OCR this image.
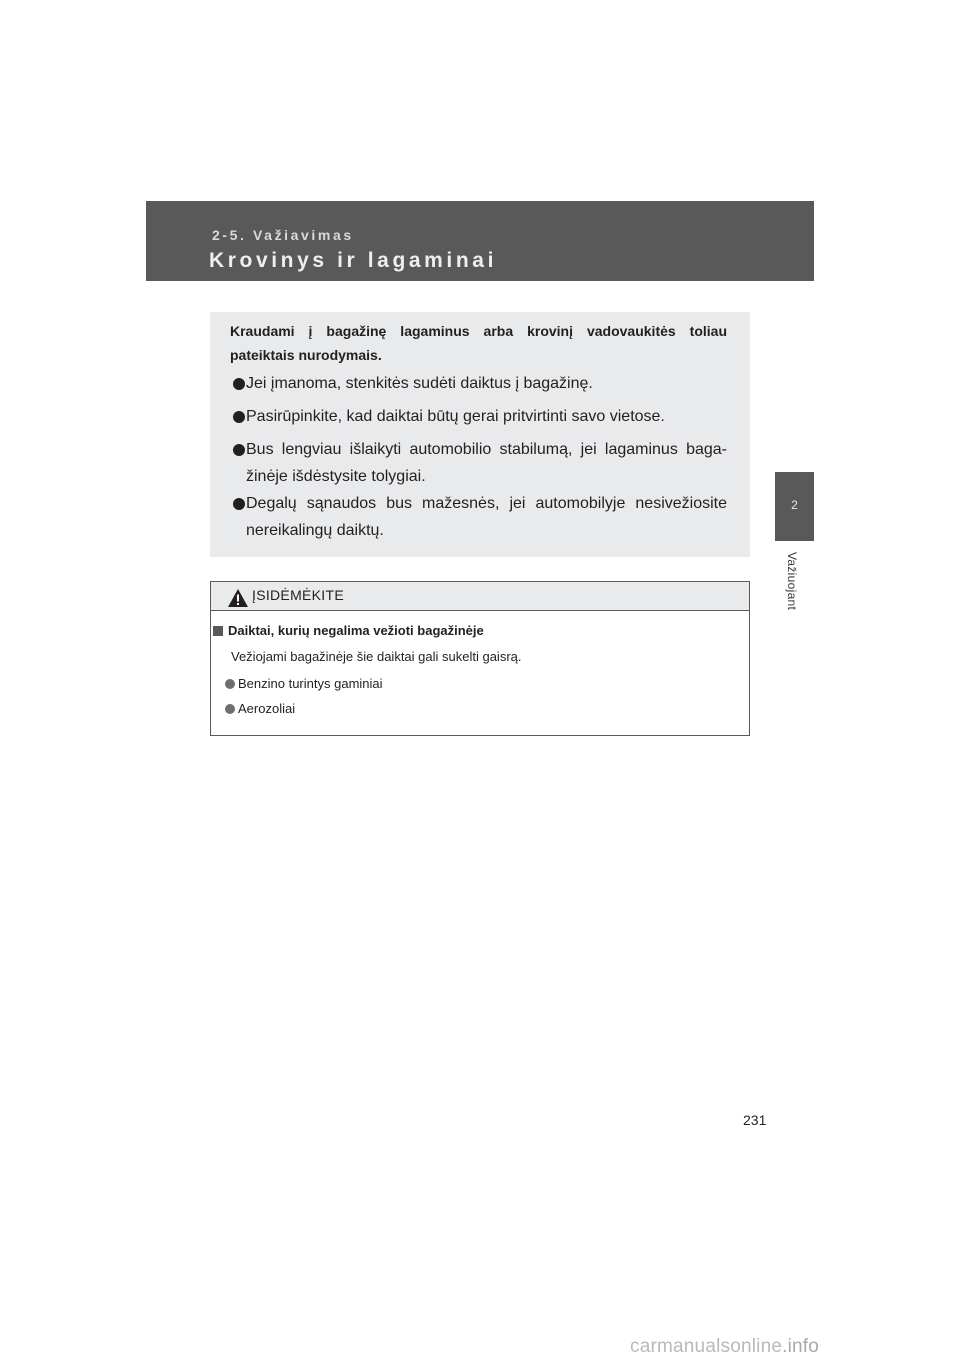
2-5. Važiavimas
Krovinys ir lagaminai
2
Važiuojant
Kraudami į bagažinę lagaminus arba krovinį vadovaukitės toliau
pateiktais nurodymais.
Jei įmanoma, stenkitės sudėti daiktus į bagažinę.
Pasirūpinkite, kad daiktai būtų gerai pritvirtinti savo vietose.
Bus lengviau išlaikyti automobilio stabilumą, jei lagaminus baga-
žinėje išdėstysite tolygiai.
Degalų sąnaudos bus mažesnės, jei automobilyje nesivežiosite
nereikalingų daiktų.
ĮSIDĖMĖKITE
Daiktai, kurių negalima vežioti bagažinėje
Vežiojami bagažinėje šie daiktai gali sukelti gaisrą.
Benzino turintys gaminiai
Aerozoliai
231
carmanualsonline.info
